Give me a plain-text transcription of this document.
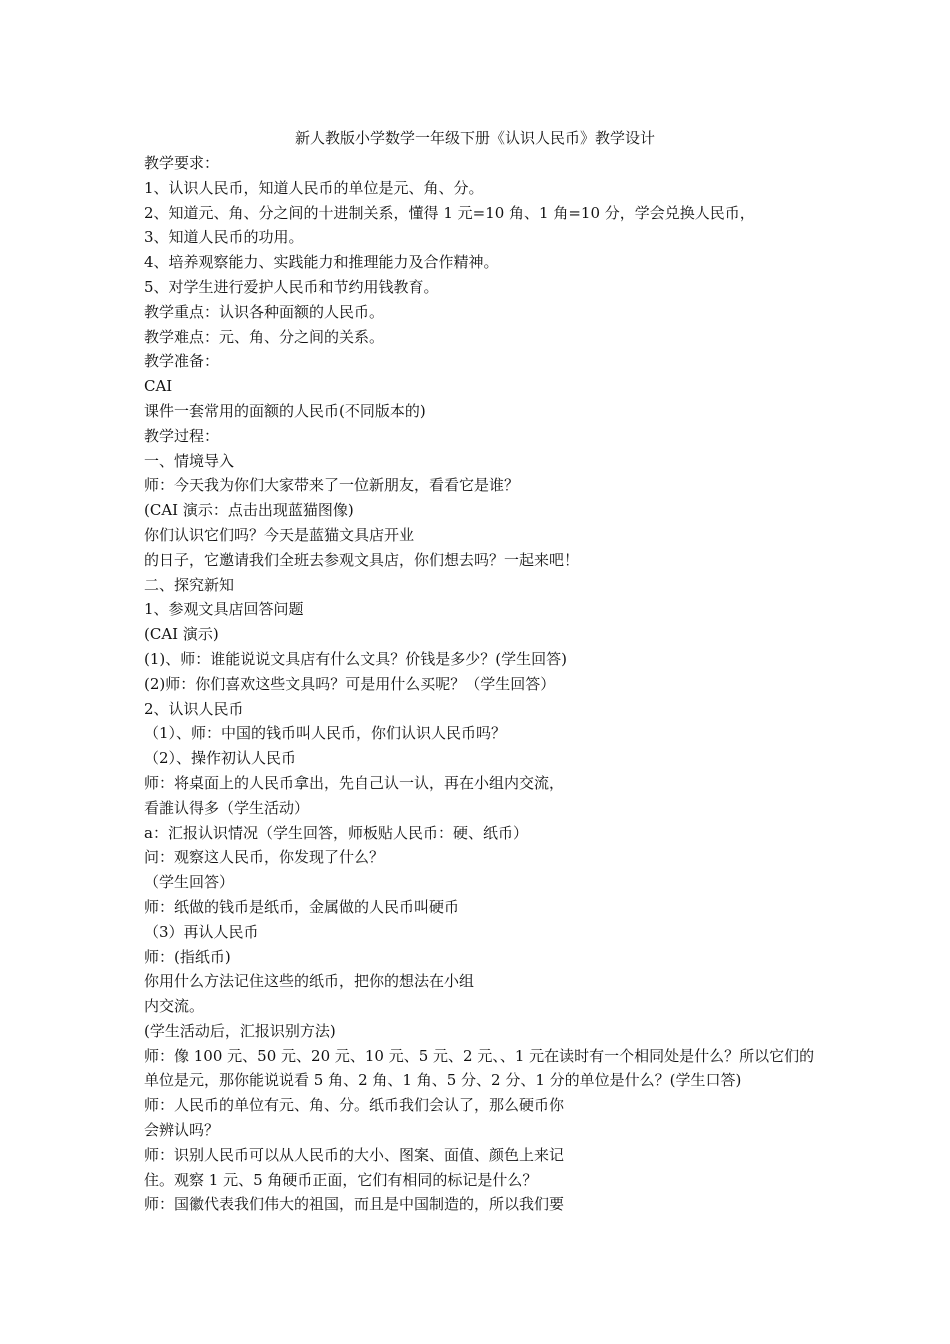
新人教版小学数学一年级下册《认识人民币》教学设计
教学要求：
1、认识人民币，知道人民币的单位是元、角、分。
2、知道元、角、分之间的十进制关系，懂得 1 元=10 角、1 角=10 分，学会兑换人民币，
3、知道人民币的功用。
4、培养观察能力、实践能力和推理能力及合作精神。
5、对学生进行爱护人民币和节约用钱教育。
教学重点：认识各种面额的人民币。
教学难点：元、角、分之间的关系。
教学准备：
CAI
课件一套常用的面额的人民币(不同版本的)
教学过程：
一、情境导入
师：今天我为你们大家带来了一位新朋友，看看它是谁？
(CAI 演示：点击出现蓝猫图像)
你们认识它们吗？今天是蓝猫文具店开业
的日子，它邀请我们全班去参观文具店，你们想去吗？一起来吧！
二、探究新知
1、参观文具店回答问题
(CAI 演示)
(1)、师：谁能说说文具店有什么文具？价钱是多少？(学生回答)
(2)师：你们喜欢这些文具吗？可是用什么买呢？（学生回答）
2、认识人民币
（1）、师：中国的钱币叫人民币，你们认识人民币吗？
（2）、操作初认人民币
师：将桌面上的人民币拿出，先自己认一认，再在小组内交流，
看誰认得多（学生活动）
a：汇报认识情况（学生回答，师板贴人民币：硬、纸币）
问：观察这人民币，你发现了什么？
（学生回答）
师：纸做的钱币是纸币，金属做的人民币叫硬币
（3）再认人民币
师：(指纸币)
你用什么方法记住这些的纸币，把你的想法在小组
内交流。
(学生活动后，汇报识别方法)
师：像 100 元、50 元、20 元、10 元、5 元、2 元、、1 元在读时有一个相同处是什么？所以它们的
单位是元，那你能说说看 5 角、2 角、1 角、5 分、2 分、1 分的单位是什么？(学生口答)
师：人民币的单位有元、角、分。纸币我们会认了，那么硬币你
会辨认吗？
师：识别人民币可以从人民币的大小、图案、面值、颜色上来记
住。观察 1 元、5 角硬币正面，它们有相同的标记是什么？
师：国徽代表我们伟大的祖国，而且是中国制造的，所以我们要
